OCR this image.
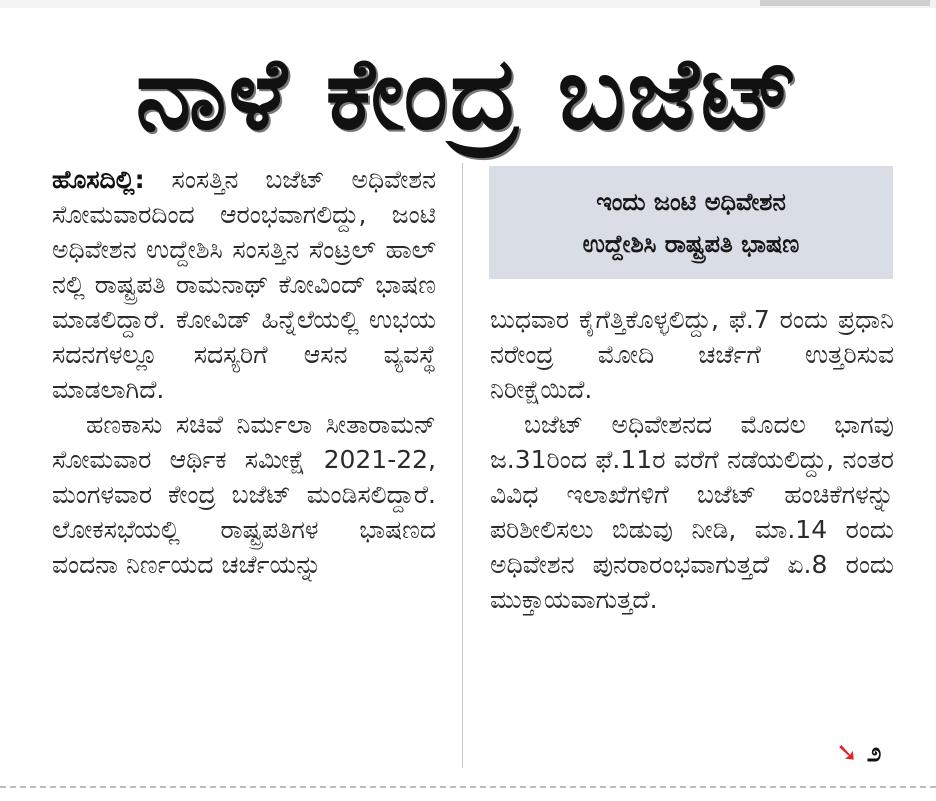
ನಾಳೆ ಕೇಂದ್ರ ಬಜೆಟ್

ಹೊಸದಿಲ್ಲಿ: ಸಂಸತ್ತಿನ ಬಜೆಟ್ ಅಧಿವೇಶನ ಸೋಮವಾರದಿಂದ ಆರಂಭವಾಗಲಿದ್ದು, ಜಂಟಿ ಅಧಿವೇಶನ ಉದ್ದೇಶಿಸಿ ಸಂಸತ್ತಿನ ಸೆಂಟ್ರಲ್ ಹಾಲ್ ನಲ್ಲಿ ರಾಷ್ಟ್ರಪತಿ ರಾಮನಾಥ್ ಕೋವಿಂದ್ ಭಾಷಣ ಮಾಡಲಿದ್ದಾರೆ. ಕೋವಿಡ್ ಹಿನ್ನೆಲೆಯಲ್ಲಿ ಉಭಯ ಸದನಗಳಲ್ಲೂ ಸದಸ್ಯರಿಗೆ ಆಸನ ವ್ಯವಸ್ಥೆ ಮಾಡಲಾಗಿದೆ.

ಹಣಕಾಸು ಸಚಿವೆ ನಿರ್ಮಲಾ ಸೀತಾರಾಮನ್ ಸೋಮವಾರ ಆರ್ಥಿಕ ಸಮೀಕ್ಷೆ 2021-22, ಮಂಗಳವಾರ ಕೇಂದ್ರ ಬಜೆಟ್ ಮಂಡಿಸಲಿದ್ದಾರೆ. ಲೋಕಸಭೆಯಲ್ಲಿ ರಾಷ್ಟ್ರಪತಿಗಳ ಭಾಷಣದ ವಂದನಾ ನಿರ್ಣಯದ ಚರ್ಚೆಯನ್ನು

ಇಂದು ಜಂಟಿ ಅಧಿವೇಶನ
ಉದ್ದೇಶಿಸಿ ರಾಷ್ಟ್ರಪತಿ ಭಾಷಣ

ಬುಧವಾರ ಕೈಗೆತ್ತಿಕೊಳ್ಳಲಿದ್ದು, ಫೆ.7 ರಂದು ಪ್ರಧಾನಿ ನರೇಂದ್ರ ಮೋದಿ ಚರ್ಚೆಗೆ ಉತ್ತರಿಸುವ ನಿರೀಕ್ಷೆಯಿದೆ.

ಬಜೆಟ್ ಅಧಿವೇಶನದ ಮೊದಲ ಭಾಗವು ಜ.31ರಿಂದ ಫೆ.11ರ ವರೆಗೆ ನಡೆಯಲಿದ್ದು, ನಂತರ ವಿವಿಧ ಇಲಾಖೆಗಳಿಗೆ ಬಜೆಟ್ ಹಂಚಿಕೆಗಳನ್ನು ಪರಿಶೀಲಿಸಲು ಬಿಡುವು ನೀಡಿ, ಮಾ.14 ರಂದು ಅಧಿವೇಶನ ಪುನರಾರಂಭವಾಗುತ್ತದೆ ಏ.8 ರಂದು ಮುಕ್ತಾಯವಾಗುತ್ತದೆ.

➘ ೨
